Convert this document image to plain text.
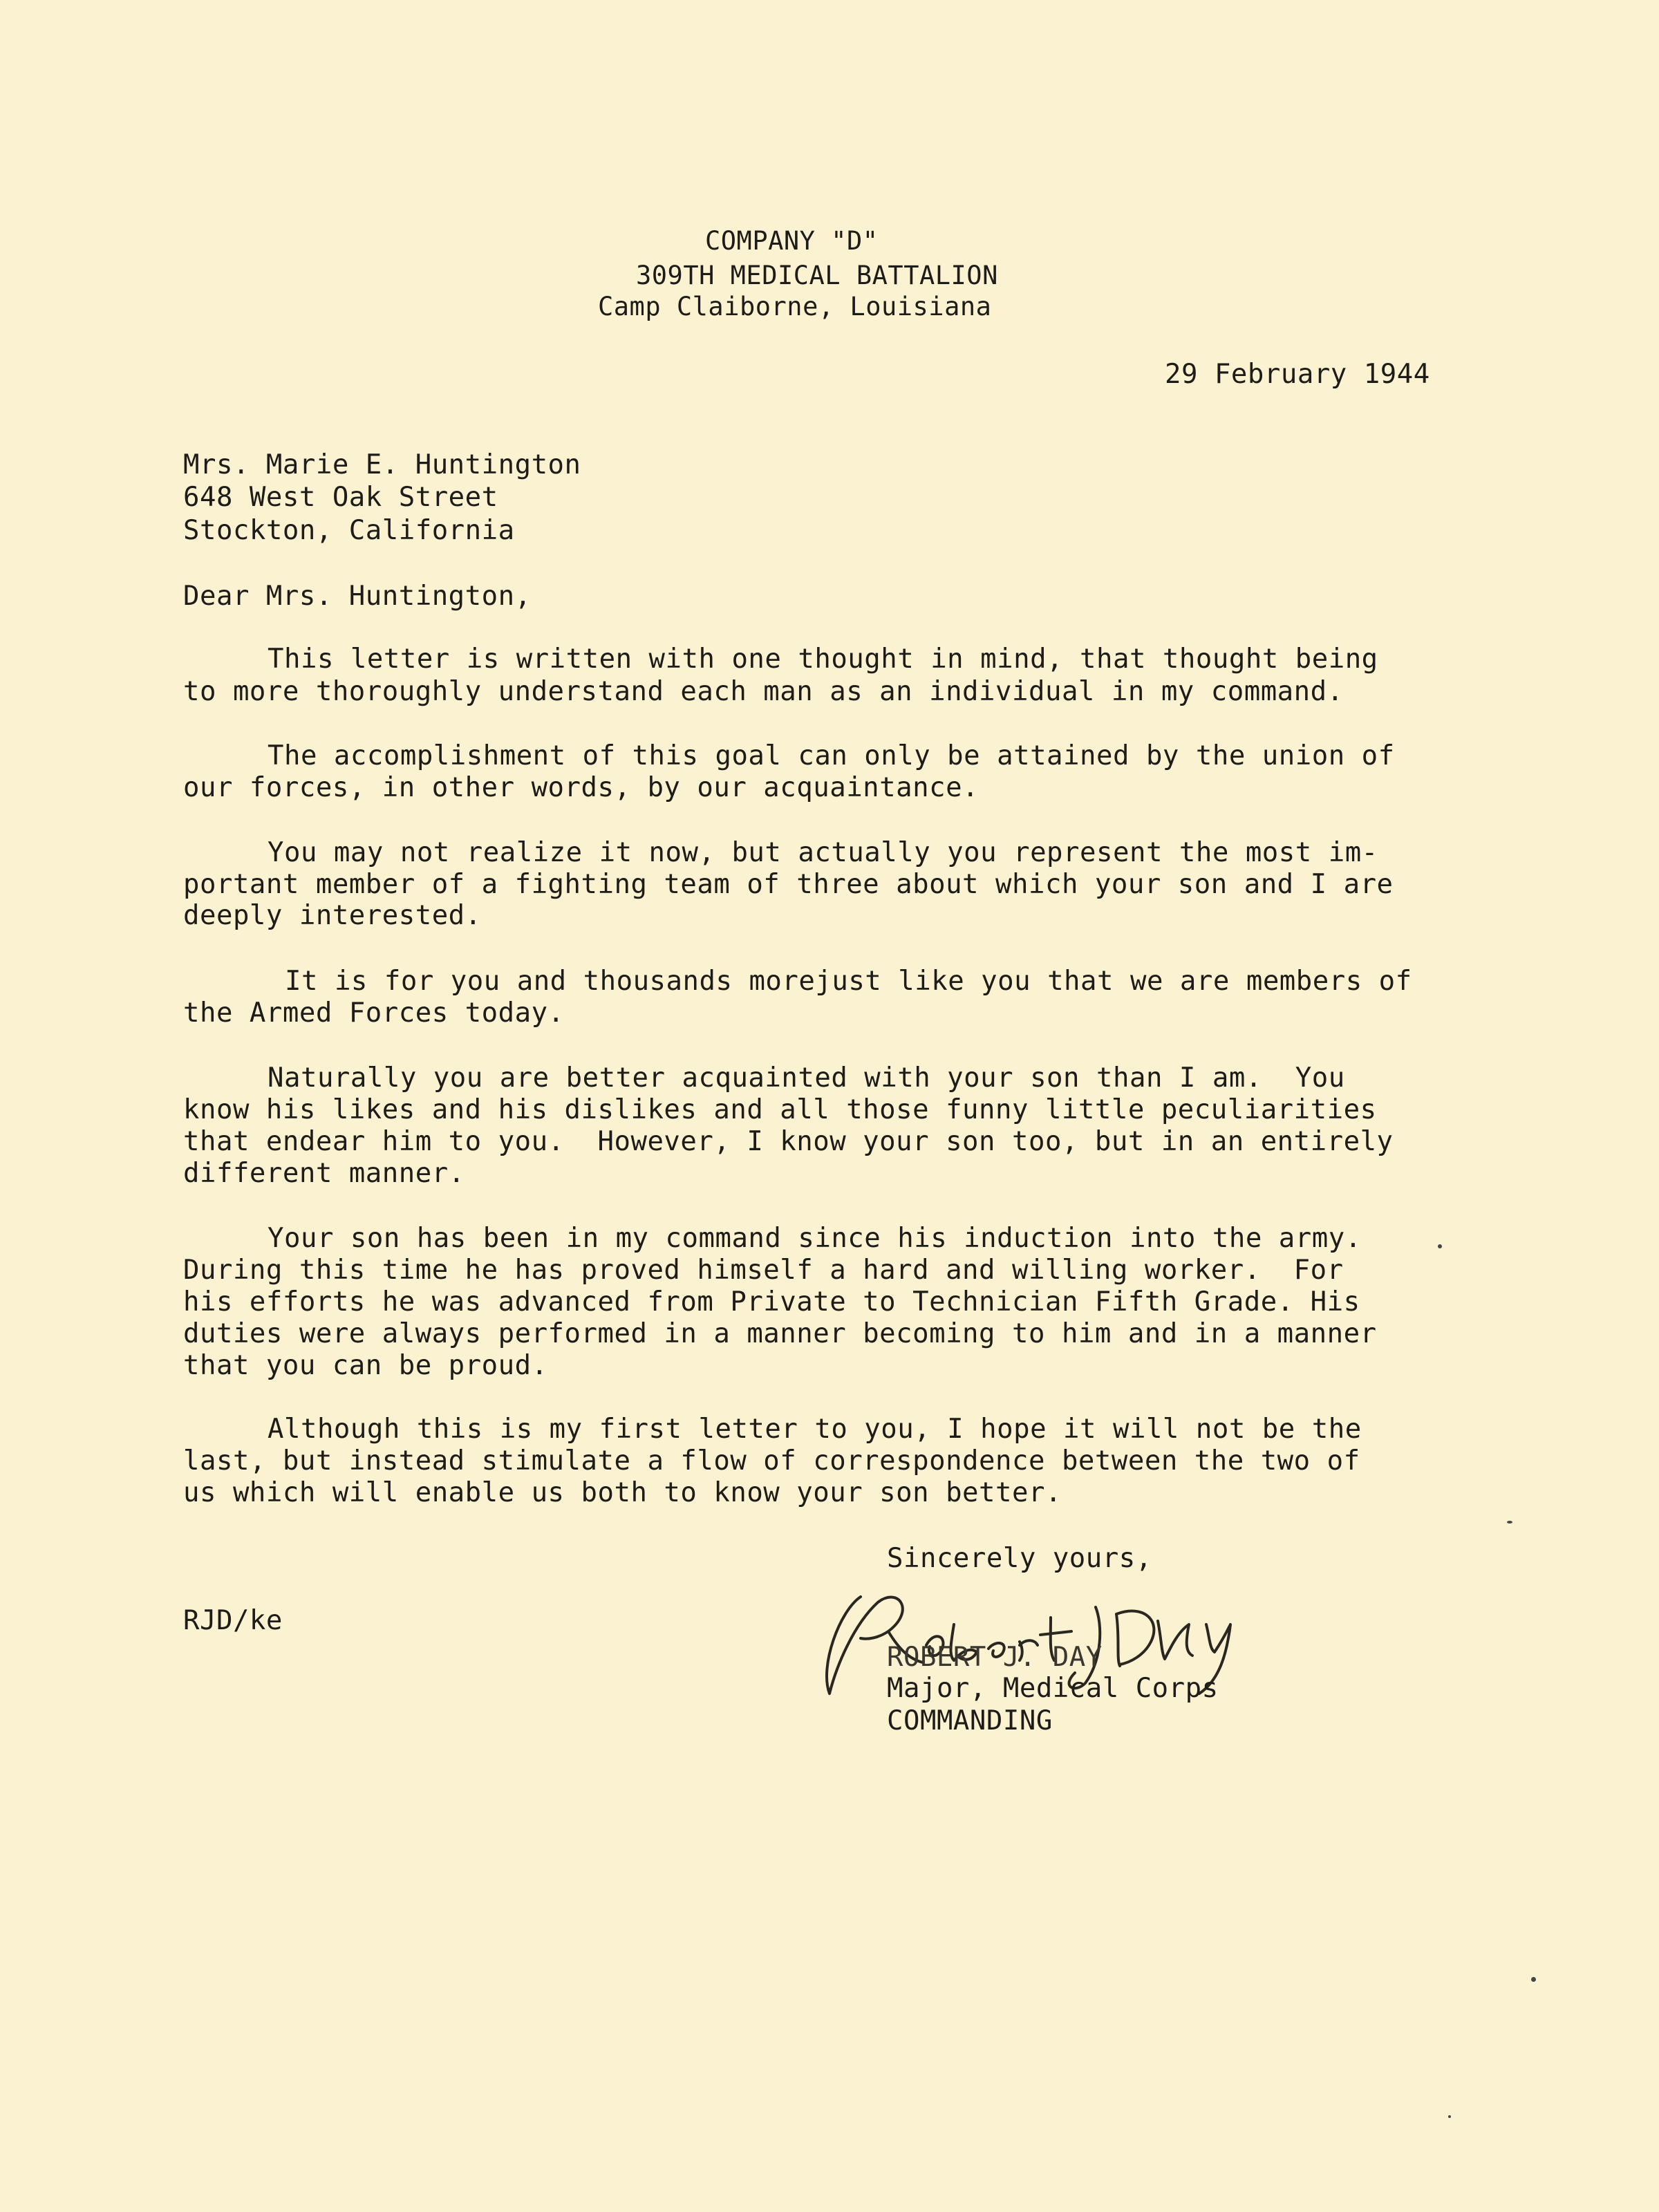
COMPANY "D"
309TH MEDICAL BATTALION
Camp Claiborne, Louisiana
29 February 1944
Mrs. Marie E. Huntington
648 West Oak Street
Stockton, California
Dear Mrs. Huntington,
This letter is written with one thought in mind, that thought being
to more thoroughly understand each man as an individual in my command.
The accomplishment of this goal can only be attained by the union of
our forces, in other words, by our acquaintance.
You may not realize it now, but actually you represent the most im-
portant member of a fighting team of three about which your son and I are
deeply interested.
It is for you and thousands morejust like you that we are members of
the Armed Forces today.
Naturally you are better acquainted with your son than I am.  You
know his likes and his dislikes and all those funny little peculiarities
that endear him to you.  However, I know your son too, but in an entirely
different manner.
Your son has been in my command since his induction into the army.
During this time he has proved himself a hard and willing worker.  For
his efforts he was advanced from Private to Technician Fifth Grade. His
duties were always performed in a manner becoming to him and in a manner
that you can be proud.
Although this is my first letter to you, I hope it will not be the
last, but instead stimulate a flow of correspondence between the two of
us which will enable us both to know your son better.
Sincerely yours,
RJD/ke
ROBERT J. DAY
Major, Medical Corps
COMMANDING
